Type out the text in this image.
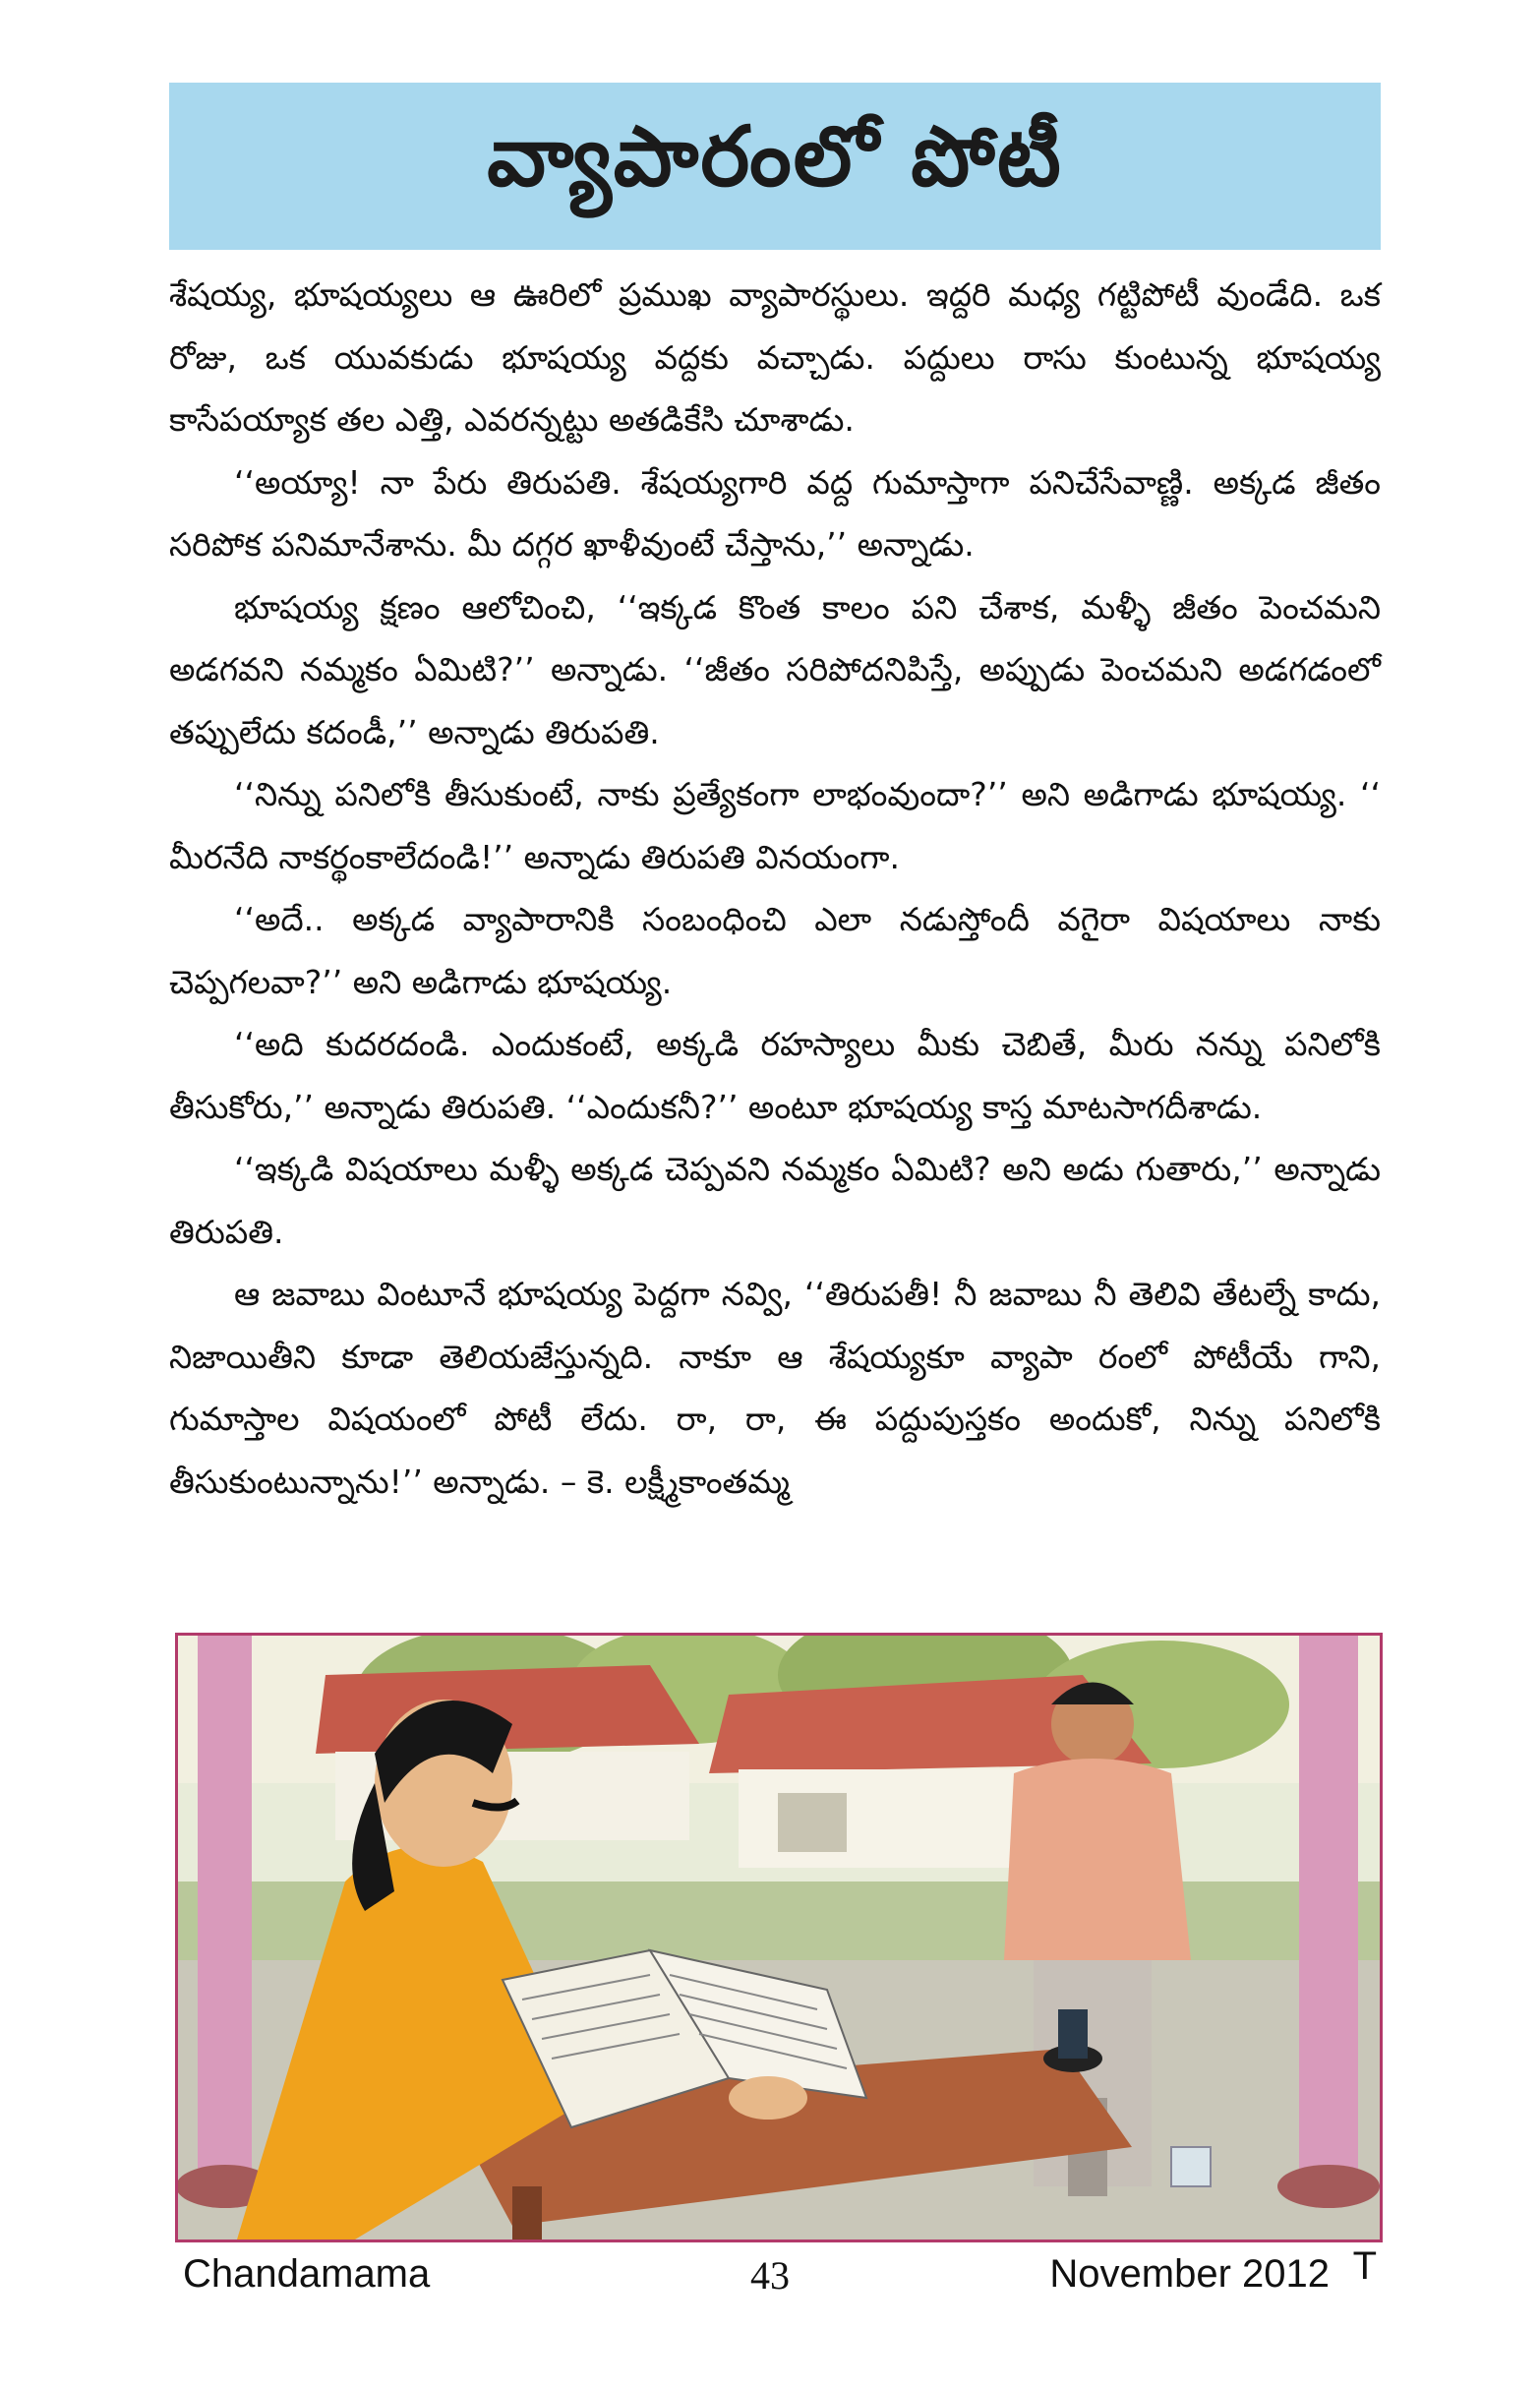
వ్యాపారంలో పోటీ

శేషయ్య, భూషయ్యలు ఆ ఊరిలో ప్రముఖ వ్యాపారస్థులు. ఇద్దరి మధ్య గట్టిపోటీ వుండేది. ఒక రోజు, ఒక యువకుడు భూషయ్య వద్దకు వచ్చాడు. పద్దులు రాసు కుంటున్న భూషయ్య కాసేపయ్యాక తల ఎత్తి, ఎవరన్నట్టు అతడికేసి చూశాడు.

‘‘అయ్యా! నా పేరు తిరుపతి. శేషయ్యగారి వద్ద గుమాస్తాగా పనిచేసేవాణ్ణి. అక్కడ జీతం సరిపోక పనిమానేశాను. మీ దగ్గర ఖాళీవుంటే చేస్తాను,’’ అన్నాడు.

భూషయ్య క్షణం ఆలోచించి, ‘‘ఇక్కడ కొంత కాలం పని చేశాక, మళ్ళీ జీతం పెంచమని అడగవని నమ్మకం ఏమిటి?’’ అన్నాడు. ‘‘జీతం సరిపోదనిపిస్తే, అప్పుడు పెంచమని అడగడంలో తప్పులేదు కదండీ,’’ అన్నాడు తిరుపతి.

‘‘నిన్ను పనిలోకి తీసుకుంటే, నాకు ప్రత్యేకంగా లాభంవుందా?’’ అని అడిగాడు భూషయ్య. ‘‘ మీరనేది నాకర్థంకాలేదండి!’’ అన్నాడు తిరుపతి వినయంగా.

‘‘అదే.. అక్కడ వ్యాపారానికి సంబంధించి ఎలా నడుస్తోందీ వగైరా విషయాలు నాకు చెప్పగలవా?’’ అని అడిగాడు భూషయ్య.

‘‘అది కుదరదండి. ఎందుకంటే, అక్కడి రహస్యాలు మీకు చెబితే, మీరు నన్ను పనిలోకి తీసుకోరు,’’ అన్నాడు తిరుపతి. ‘‘ఎందుకనీ?’’ అంటూ భూషయ్య కాస్త మాటసాగదీశాడు.

‘‘ఇక్కడి విషయాలు మళ్ళీ అక్కడ చెప్పవని నమ్మకం ఏమిటి? అని అడు గుతారు,’’ అన్నాడు తిరుపతి.

ఆ జవాబు వింటూనే భూషయ్య పెద్దగా నవ్వి, ‘‘తిరుపతీ! నీ జవాబు నీ తెలివి తేటల్నే కాదు, నిజాయితీని కూడా తెలియజేస్తున్నది. నాకూ ఆ శేషయ్యకూ వ్యాపా రంలో పోటీయే గాని, గుమాస్తాల విషయంలో పోటీ లేదు. రా, రా, ఈ పద్దుపుస్తకం అందుకో, నిన్ను పనిలోకి తీసుకుంటున్నాను!’’ అన్నాడు. – కె. లక్ష్మీకాంతమ్మ

Chandamama	43	November 2012 T
